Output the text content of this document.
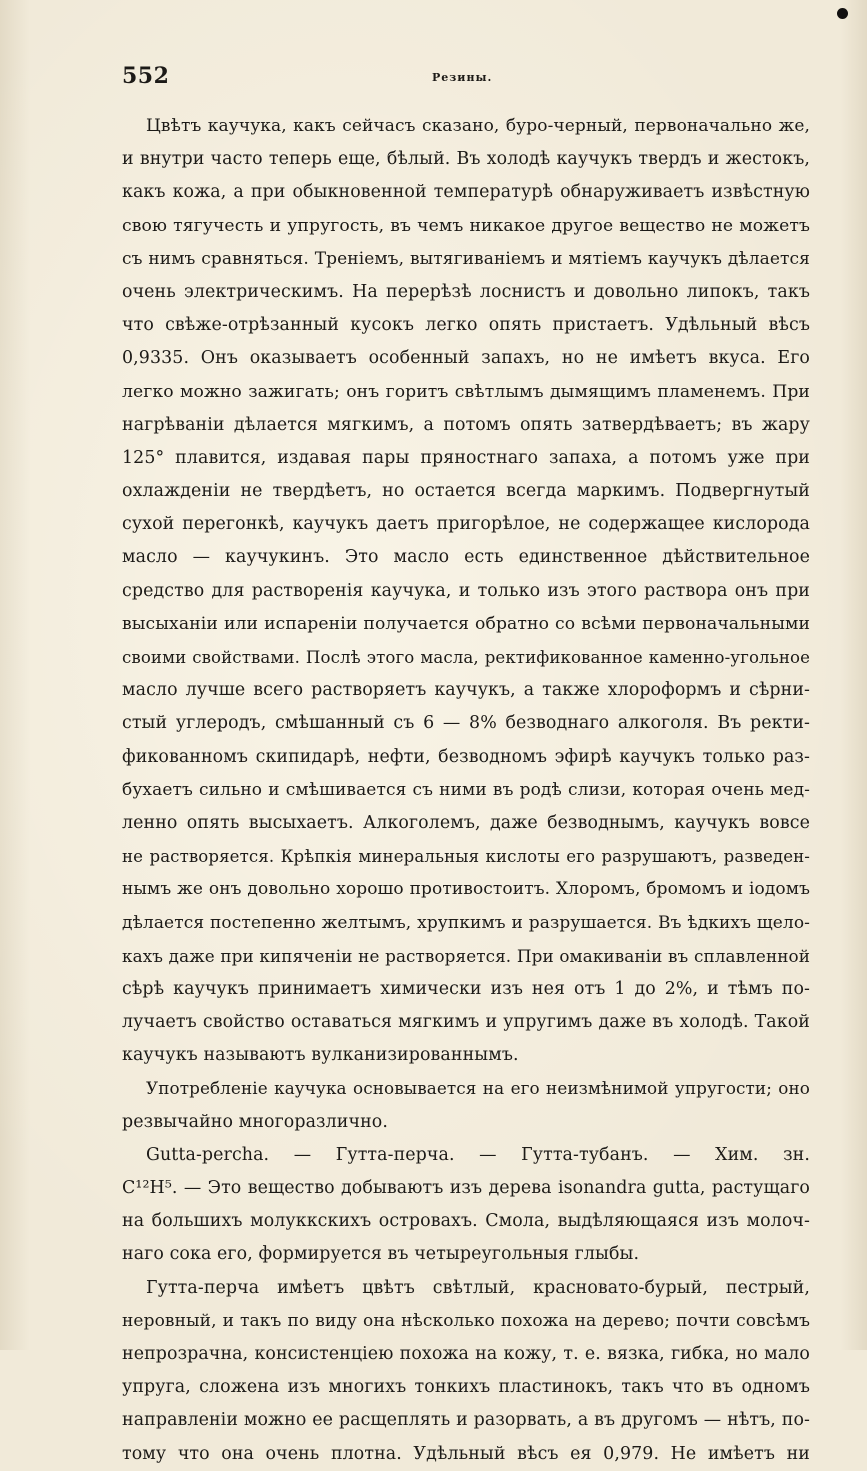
552	Резины.
Цвѣтъ каучука, какъ сейчасъ сказано, буро-черный, первоначально же,
и внутри часто теперь еще, бѣлый. Въ холодѣ каучукъ твердъ и жестокъ,
какъ кожа, а при обыкновенной температурѣ обнаруживаетъ извѣстную
свою тягучесть и упругость, въ чемъ никакое другое вещество не можетъ
съ нимъ сравняться. Тренiемъ, вытягиванiемъ и мятiемъ каучукъ дѣлается
очень электрическимъ. На перерѣзѣ лоснистъ и довольно липокъ, такъ
что свѣже-отрѣзанный кусокъ легко опять пристаетъ. Удѣльный вѣсъ
0,9335. Онъ оказываетъ особенный запахъ, но не имѣетъ вкуса. Его
легко можно зажигать; онъ горитъ свѣтлымъ дымящимъ пламенемъ. При
нагрѣванiи дѣлается мягкимъ, а потомъ опять затвердѣваетъ; въ жару
125° плавится, издавая пары пряностнаго запаха, а потомъ уже при
охлажденiи не твердѣетъ, но остается всегда маркимъ. Подвергнутый
сухой перегонкѣ, каучукъ даетъ пригорѣлое, не содержащее кислорода
масло — каучукинъ. Это масло есть единственное дѣйствительное
средство для растворенiя каучука, и только изъ этого раствора онъ при
высыханiи или испаренiи получается обратно со всѣми первоначальными
своими свойствами. Послѣ этого масла, ректификованное каменно-угольное
масло лучше всего растворяетъ каучукъ, а также хлороформъ и сѣрни-
стый углеродъ, смѣшанный съ 6 — 8% безводнаго алкоголя. Въ ректи-
фикованномъ скипидарѣ, нефти, безводномъ эфирѣ каучукъ только раз-
бухаетъ сильно и смѣшивается съ ними въ родѣ слизи, которая очень мед-
ленно опять высыхаетъ. Алкоголемъ, даже безводнымъ, каучукъ вовсе
не растворяется. Крѣпкiя минеральныя кислоты его разрушаютъ, разведен-
нымъ же онъ довольно хорошо противостоитъ. Хлоромъ, бромомъ и iодомъ
дѣлается постепенно желтымъ, хрупкимъ и разрушается. Въ ѣдкихъ щело-
кахъ даже при кипяченiи не растворяется. При омакиванiи въ сплавленной
сѣрѣ каучукъ принимаетъ химически изъ нея отъ 1 до 2%, и тѣмъ по-
лучаетъ свойство оставаться мягкимъ и упругимъ даже въ холодѣ. Такой
каучукъ называютъ вулканизированнымъ.
Употребленiе каучука основывается на его неизмѣнимой упругости; оно
резвычайно многоразлично.
Gutta-percha. — Гутта-перча. — Гутта-тубанъ. — Хим. зн.
C¹²H⁵. — Это вещество добываютъ изъ дерева isonandra gutta, растущаго
на большихъ молуккскихъ островахъ. Смола, выдѣляющаяся изъ молоч-
наго сока его, формируется въ четыреугольныя глыбы.
Гутта-перча имѣетъ цвѣтъ свѣтлый, красновато-бурый, пестрый,
неровный, и такъ по виду она нѣсколько похожа на дерево; почти совсѣмъ
непрозрачна, консистенцiею похожа на кожу, т. е. вязка, гибка, но мало
упруга, сложена изъ многихъ тонкихъ пластинокъ, такъ что въ одномъ
направленiи можно ее расщеплять и разорвать, а въ другомъ — нѣтъ, по-
тому что она очень плотна. Удѣльный вѣсъ ея 0,979. Не имѣетъ ни
